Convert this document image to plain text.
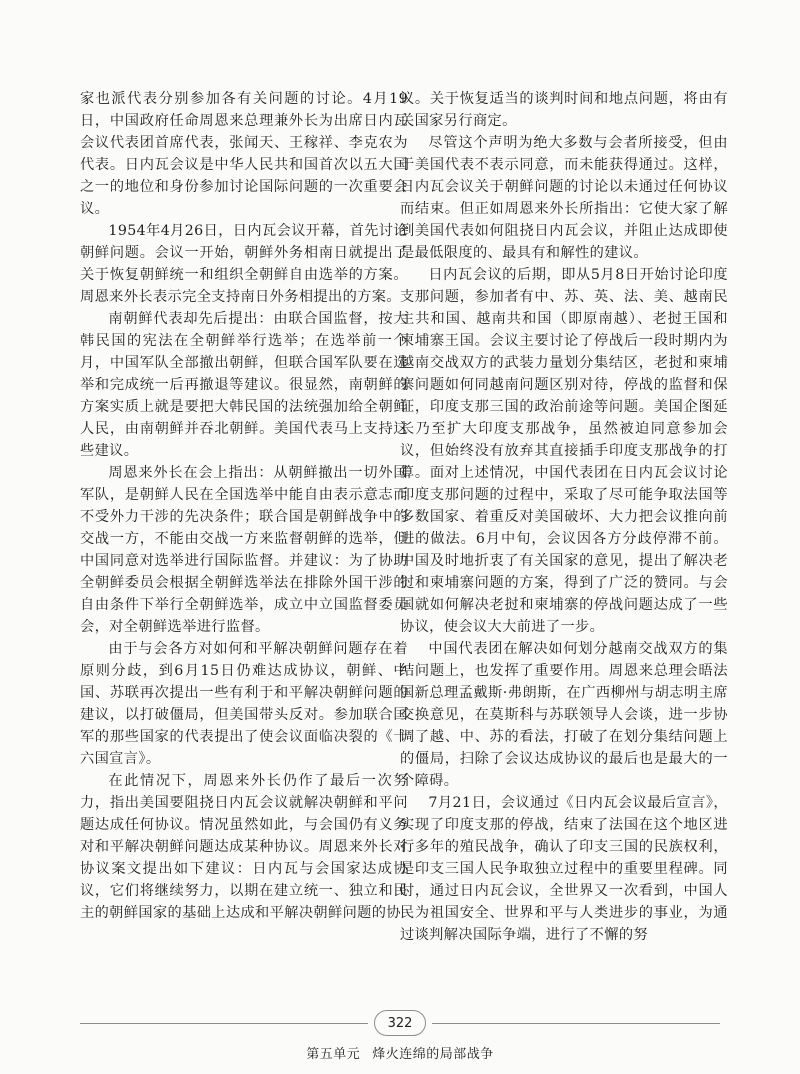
家也派代表分别参加各有关问题的讨论。4月19日，中国政府任命周恩来总理兼外长为出席日内瓦会议代表团首席代表，张闻天、王稼祥、李克农为代表。日内瓦会议是中华人民共和国首次以五大国之一的地位和身份参加讨论国际问题的一次重要会议。

1954年4月26日，日内瓦会议开幕，首先讨论朝鲜问题。会议一开始，朝鲜外务相南日就提出了关于恢复朝鲜统一和组织全朝鲜自由选举的方案。周恩来外长表示完全支持南日外务相提出的方案。

南朝鲜代表却先后提出：由联合国监督，按大韩民国的宪法在全朝鲜举行选举；在选举前一个月，中国军队全部撤出朝鲜，但联合国军队要在选举和完成统一后再撤退等建议。很显然，南朝鲜的方案实质上就是要把大韩民国的法统强加给全朝鲜人民，由南朝鲜并吞北朝鲜。美国代表马上支持这些建议。

周恩来外长在会上指出：从朝鲜撤出一切外国军队，是朝鲜人民在全国选举中能自由表示意志而不受外力干涉的先决条件；联合国是朝鲜战争中的交战一方，不能由交战一方来监督朝鲜的选举，但中国同意对选举进行国际监督。并建议：为了协助全朝鲜委员会根据全朝鲜选举法在排除外国干涉的自由条件下举行全朝鲜选举，成立中立国监督委员会，对全朝鲜选举进行监督。

由于与会各方对如何和平解决朝鲜问题存在着原则分歧，到6月15日仍难达成协议，朝鲜、中国、苏联再次提出一些有利于和平解决朝鲜问题的建议，以打破僵局，但美国带头反对。参加联合国军的那些国家的代表提出了使会议面临决裂的《十六国宣言》。

在此情况下，周恩来外长仍作了最后一次努力，指出美国要阻挠日内瓦会议就解决朝鲜和平问题达成任何协议。情况虽然如此，与会国仍有义务对和平解决朝鲜问题达成某种协议。周恩来外长对协议案文提出如下建议：日内瓦与会国家达成协议，它们将继续努力，以期在建立统一、独立和民主的朝鲜国家的基础上达成和平解决朝鲜问题的协

议。关于恢复适当的谈判时间和地点问题，将由有关国家另行商定。

尽管这个声明为绝大多数与会者所接受，但由于美国代表不表示同意，而未能获得通过。这样，日内瓦会议关于朝鲜问题的讨论以未通过任何协议而结束。但正如周恩来外长所指出：它使大家了解到美国代表如何阻挠日内瓦会议，并阻止达成即使是最低限度的、最具有和解性的建议。

日内瓦会议的后期，即从5月8日开始讨论印度支那问题，参加者有中、苏、英、法、美、越南民主共和国、越南共和国（即原南越）、老挝王国和柬埔寨王国。会议主要讨论了停战后一段时期内为越南交战双方的武装力量划分集结区，老挝和柬埔寨问题如何同越南问题区别对待，停战的监督和保证，印度支那三国的政治前途等问题。美国企图延长乃至扩大印度支那战争，虽然被迫同意参加会议，但始终没有放弃其直接插手印度支那战争的打算。面对上述情况，中国代表团在日内瓦会议讨论印度支那问题的过程中，采取了尽可能争取法国等多数国家、着重反对美国破坏、大力把会议推向前进的做法。6月中旬，会议因各方分歧停滞不前。中国及时地折衷了有关国家的意见，提出了解决老挝和柬埔寨问题的方案，得到了广泛的赞同。与会国就如何解决老挝和柬埔寨的停战问题达成了一些协议，使会议大大前进了一步。

中国代表团在解决如何划分越南交战双方的集结问题上，也发挥了重要作用。周恩来总理会晤法国新总理孟戴斯·弗朗斯，在广西柳州与胡志明主席交换意见，在莫斯科与苏联领导人会谈，进一步协调了越、中、苏的看法，打破了在划分集结问题上的僵局，扫除了会议达成协议的最后也是最大的一个障碍。

7月21日，会议通过《日内瓦会议最后宣言》，实现了印度支那的停战，结束了法国在这个地区进行多年的殖民战争，确认了印支三国的民族权利，是印支三国人民争取独立过程中的重要里程碑。同时，通过日内瓦会议，全世界又一次看到，中国人民为祖国安全、世界和平与人类进步的事业，为通过谈判解决国际争端，进行了不懈的努

322
第五单元 烽火连绵的局部战争
